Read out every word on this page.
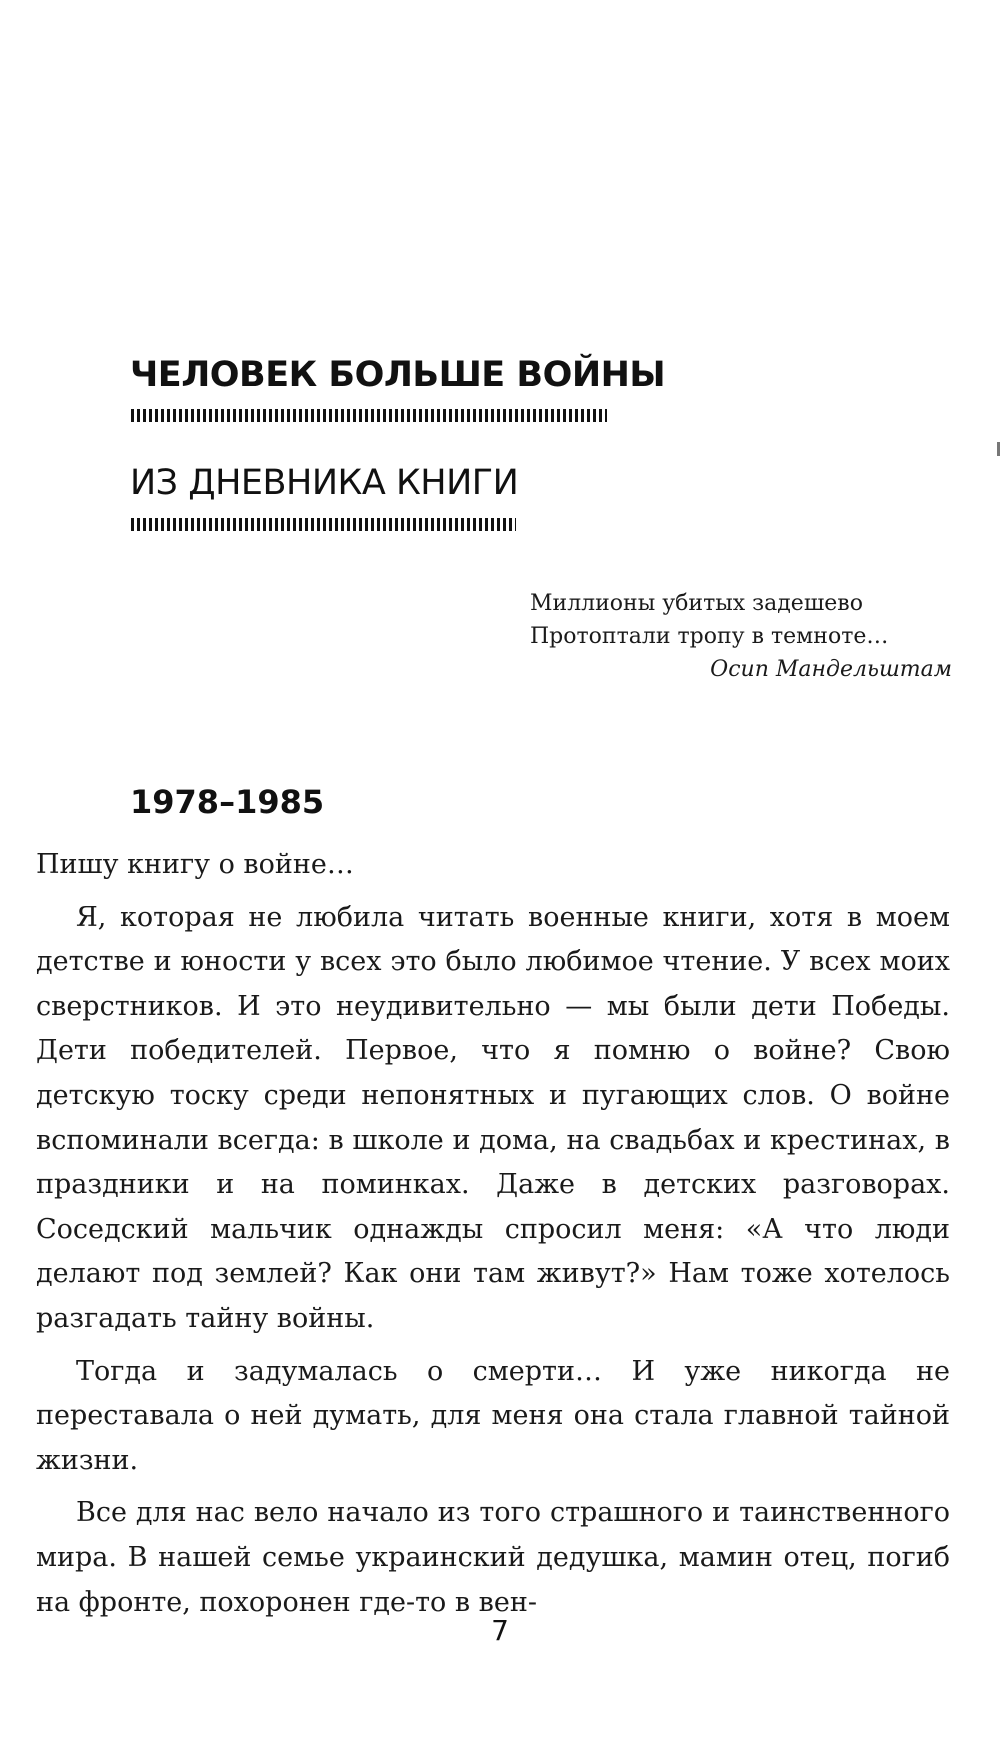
ЧЕЛОВЕК БОЛЬШЕ ВОЙНЫ
ИЗ ДНЕВНИКА КНИГИ
Миллионы убитых задешево
Протоптали тропу в темноте…
Осип Мандельштам
1978–1985

Пишу книгу о войне…

Я, которая не любила читать военные книги, хотя в моем детстве и юности у всех это было любимое чтение. У всех моих сверстников. И это неудивительно — мы были дети Победы. Дети победителей. Первое, что я помню о войне? Свою детскую тоску среди непонятных и пугающих слов. О войне вспоминали всегда: в школе и дома, на свадьбах и крестинах, в праздники и на поминках. Даже в детских разговорах. Соседский мальчик однажды спросил меня: «А что люди делают под землей? Как они там живут?» Нам тоже хотелось разгадать тайну войны.

Тогда и задумалась о смерти… И уже никогда не переставала о ней думать, для меня она стала главной тайной жизни.

Все для нас вело начало из того страшного и таинственного мира. В нашей семье украинский дедушка, мамин отец, погиб на фронте, похоронен где-то в вен-

7
